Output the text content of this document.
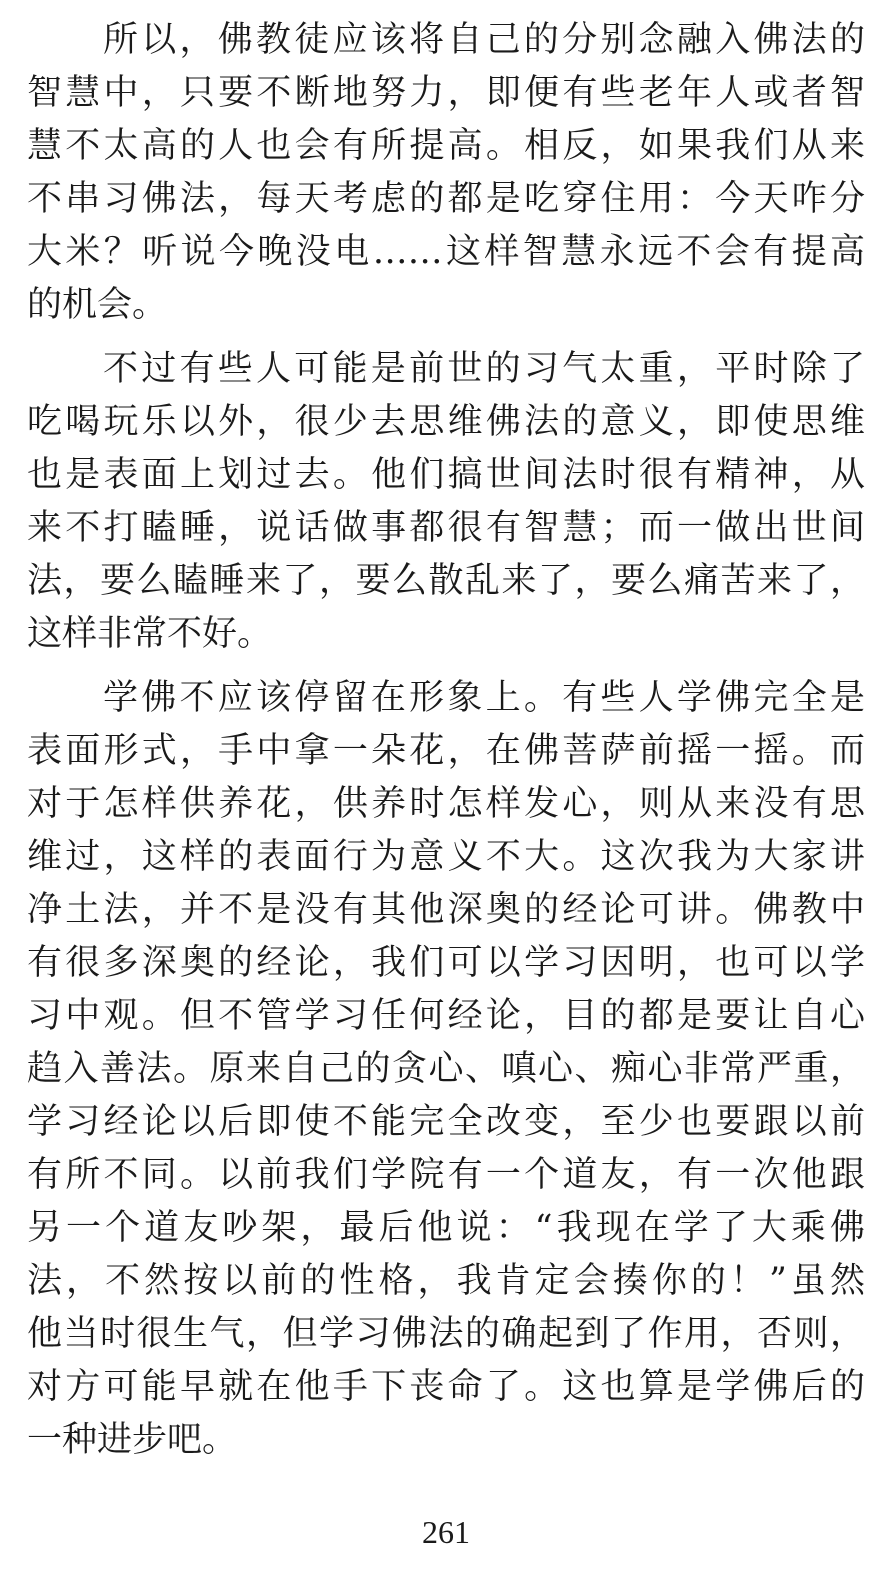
所以，佛教徒应该将自己的分别念融入佛法的
智慧中，只要不断地努力，即便有些老年人或者智
慧不太高的人也会有所提高。相反，如果我们从来
不串习佛法，每天考虑的都是吃穿住用：今天咋分
大米？听说今晚没电……这样智慧永远不会有提高
的机会。
不过有些人可能是前世的习气太重，平时除了
吃喝玩乐以外，很少去思维佛法的意义，即使思维
也是表面上划过去。他们搞世间法时很有精神，从
来不打瞌睡，说话做事都很有智慧；而一做出世间
法，要么瞌睡来了，要么散乱来了，要么痛苦来了，
这样非常不好。
学佛不应该停留在形象上。有些人学佛完全是
表面形式，手中拿一朵花，在佛菩萨前摇一摇。而
对于怎样供养花，供养时怎样发心，则从来没有思
维过，这样的表面行为意义不大。这次我为大家讲
净土法，并不是没有其他深奥的经论可讲。佛教中
有很多深奥的经论，我们可以学习因明，也可以学
习中观。但不管学习任何经论，目的都是要让自心
趋入善法。原来自己的贪心、嗔心、痴心非常严重，
学习经论以后即使不能完全改变，至少也要跟以前
有所不同。以前我们学院有一个道友，有一次他跟
另一个道友吵架，最后他说：“我现在学了大乘佛
法，不然按以前的性格，我肯定会揍你的！”虽然
他当时很生气，但学习佛法的确起到了作用，否则，
对方可能早就在他手下丧命了。这也算是学佛后的
一种进步吧。
261
